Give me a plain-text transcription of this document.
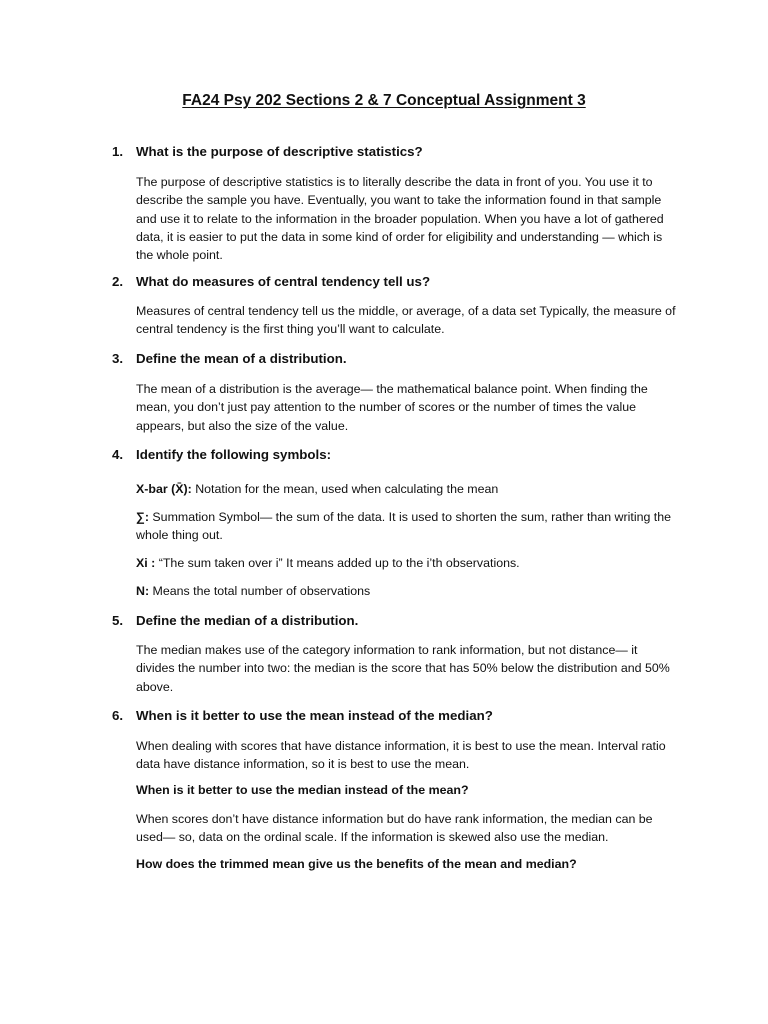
FA24 Psy 202 Sections 2 & 7 Conceptual Assignment 3
1. What is the purpose of descriptive statistics?
The purpose of descriptive statistics is to literally describe the data in front of you. You use it to describe the sample you have. Eventually, you want to take the information found in that sample and use it to relate to the information in the broader population. When you have a lot of gathered data, it is easier to put the data in some kind of order for eligibility and understanding — which is the whole point.
2. What do measures of central tendency tell us?
Measures of central tendency tell us the middle, or average, of a data set Typically, the measure of central tendency is the first thing you’ll want to calculate.
3. Define the mean of a distribution.
The mean of a distribution is the average— the mathematical balance point. When finding the mean, you don’t just pay attention to the number of scores or the number of times the value appears, but also the size of the value.
4. Identify the following symbols:
X-bar (X̄): Notation for the mean, used when calculating the mean
∑: Summation Symbol— the sum of the data. It is used to shorten the sum, rather than writing the whole thing out.
Xi : “The sum taken over i” It means added up to the i’th observations.
N: Means the total number of observations
5. Define the median of a distribution.
The median makes use of the category information to rank information, but not distance— it divides the number into two: the median is the score that has 50% below the distribution and 50% above.
6. When is it better to use the mean instead of the median?
When dealing with scores that have distance information, it is best to use the mean. Interval ratio data have distance information, so it is best to use the mean.
When is it better to use the median instead of the mean?
When scores don’t have distance information but do have rank information, the median can be used— so, data on the ordinal scale. If the information is skewed also use the median.
How does the trimmed mean give us the benefits of the mean and median?
